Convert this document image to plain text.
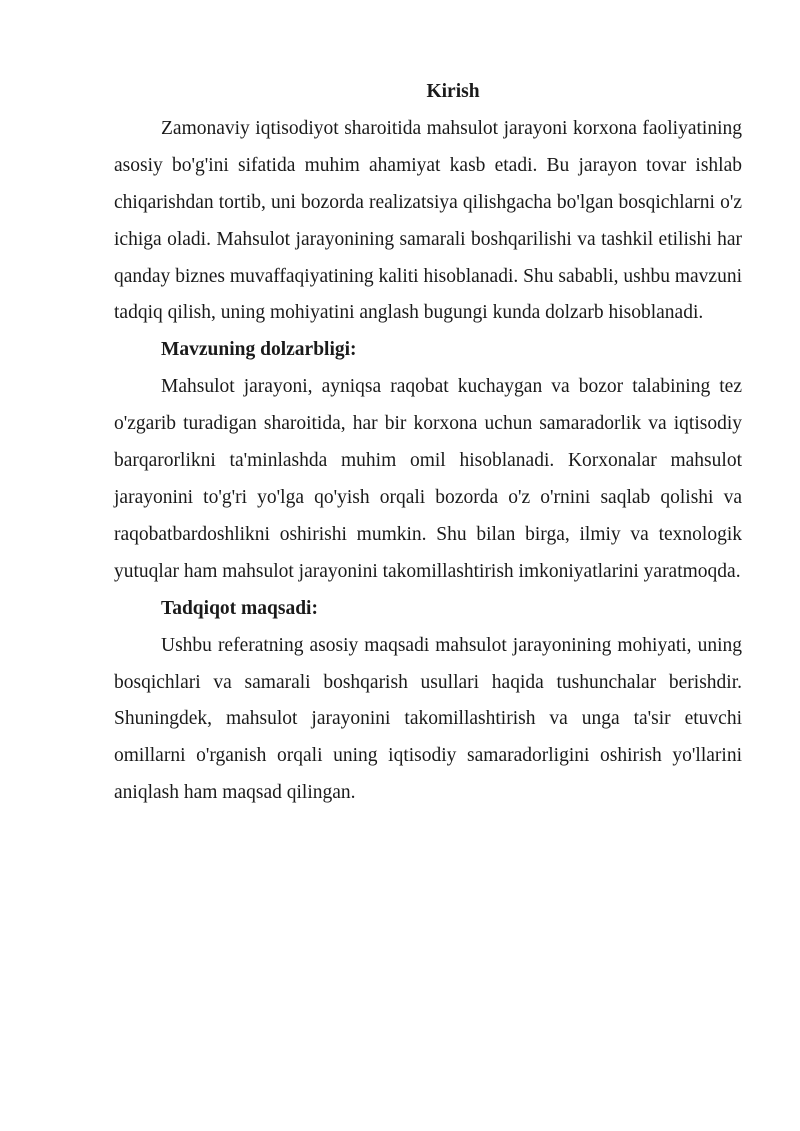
Kirish

Zamonaviy iqtisodiyot sharoitida mahsulot jarayoni korxona faoliyatining asosiy bo'g'ini sifatida muhim ahamiyat kasb etadi. Bu jarayon tovar ishlab chiqarishdan tortib, uni bozorda realizatsiya qilishgacha bo'lgan bosqichlarni o'z ichiga oladi. Mahsulot jarayonining samarali boshqarilishi va tashkil etilishi har qanday biznes muvaffaqiyatining kaliti hisoblanadi. Shu sababli, ushbu mavzuni tadqiq qilish, uning mohiyatini anglash bugungi kunda dolzarb hisoblanadi.

Mavzuning dolzarbligi:

Mahsulot jarayoni, ayniqsa raqobat kuchaygan va bozor talabining tez o'zgarib turadigan sharoitida, har bir korxona uchun samaradorlik va iqtisodiy barqarorlikni ta'minlashda muhim omil hisoblanadi. Korxonalar mahsulot jarayonini to'g'ri yo'lga qo'yish orqali bozorda o'z o'rnini saqlab qolishi va raqobatbardoshlikni oshirishi mumkin. Shu bilan birga, ilmiy va texnologik yutuqlar ham mahsulot jarayonini takomillashtirish imkoniyatlarini yaratmoqda.

Tadqiqot maqsadi:

Ushbu referatning asosiy maqsadi mahsulot jarayonining mohiyati, uning bosqichlari va samarali boshqarish usullari haqida tushunchalar berishdir. Shuningdek, mahsulot jarayonini takomillashtirish va unga ta'sir etuvchi omillarni o'rganish orqali uning iqtisodiy samaradorligini oshirish yo'llarini aniqlash ham maqsad qilingan.
